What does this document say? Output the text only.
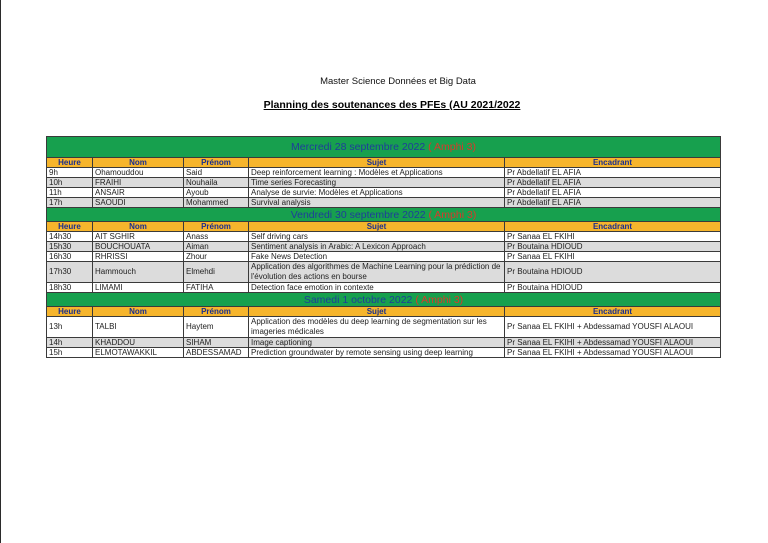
Master Science Données et Big Data
Planning des soutenances des PFEs (AU 2021/2022
Mercredi 28 septembre 2022 ( Amphi 3)				
Heure	Nom	Prénom	Sujet	Encadrant
9h	Ohamouddou	Said	Deep reinforcement learning : Modèles et Applications	Pr Abdellatif EL AFIA
10h	FRAIHI	Nouhaila	Time series Forecasting	Pr Abdellatif EL AFIA
11h	ANSAIR	Ayoub	Analyse de survie: Modèles et Applications	Pr Abdellatif EL AFIA
17h	SAOUDI	Mohammed	Survival analysis	Pr Abdellatif EL AFIA
Vendredi 30 septembre 2022 ( Amphi 3)				
Heure	Nom	Prénom	Sujet	Encadrant
14h30	AIT SGHIR	Anass	Self driving cars	Pr Sanaa EL FKIHI
15h30	BOUCHOUATA	Aiman	Sentiment analysis in Arabic: A Lexicon Approach	Pr Boutaina HDIOUD
16h30	RHRISSI	Zhour	Fake News Detection	Pr Sanaa EL FKIHI
17h30	Hammouch	Elmehdi	Application des algorithmes de Machine Learning pour la prédiction de l'évolution des actions en bourse	Pr Boutaina HDIOUD
18h30	LIMAMI	FATIHA	Detection face emotion in contexte	Pr Boutaina HDIOUD
Samedi 1 octobre 2022 ( Amphi 3)				
Heure	Nom	Prénom	Sujet	Encadrant
13h	TALBI	Haytem	Application des modèles du deep learning de segmentation sur les imageries médicales	Pr Sanaa EL FKIHI + Abdessamad YOUSFI ALAOUI
14h	KHADDOU	SIHAM	Image captioning	Pr Sanaa EL FKIHI + Abdessamad YOUSFI ALAOUI
15h	ELMOTAWAKKIL	ABDESSAMAD	Prediction groundwater by remote sensing using deep learning	Pr Sanaa EL FKIHI + Abdessamad YOUSFI ALAOUI
